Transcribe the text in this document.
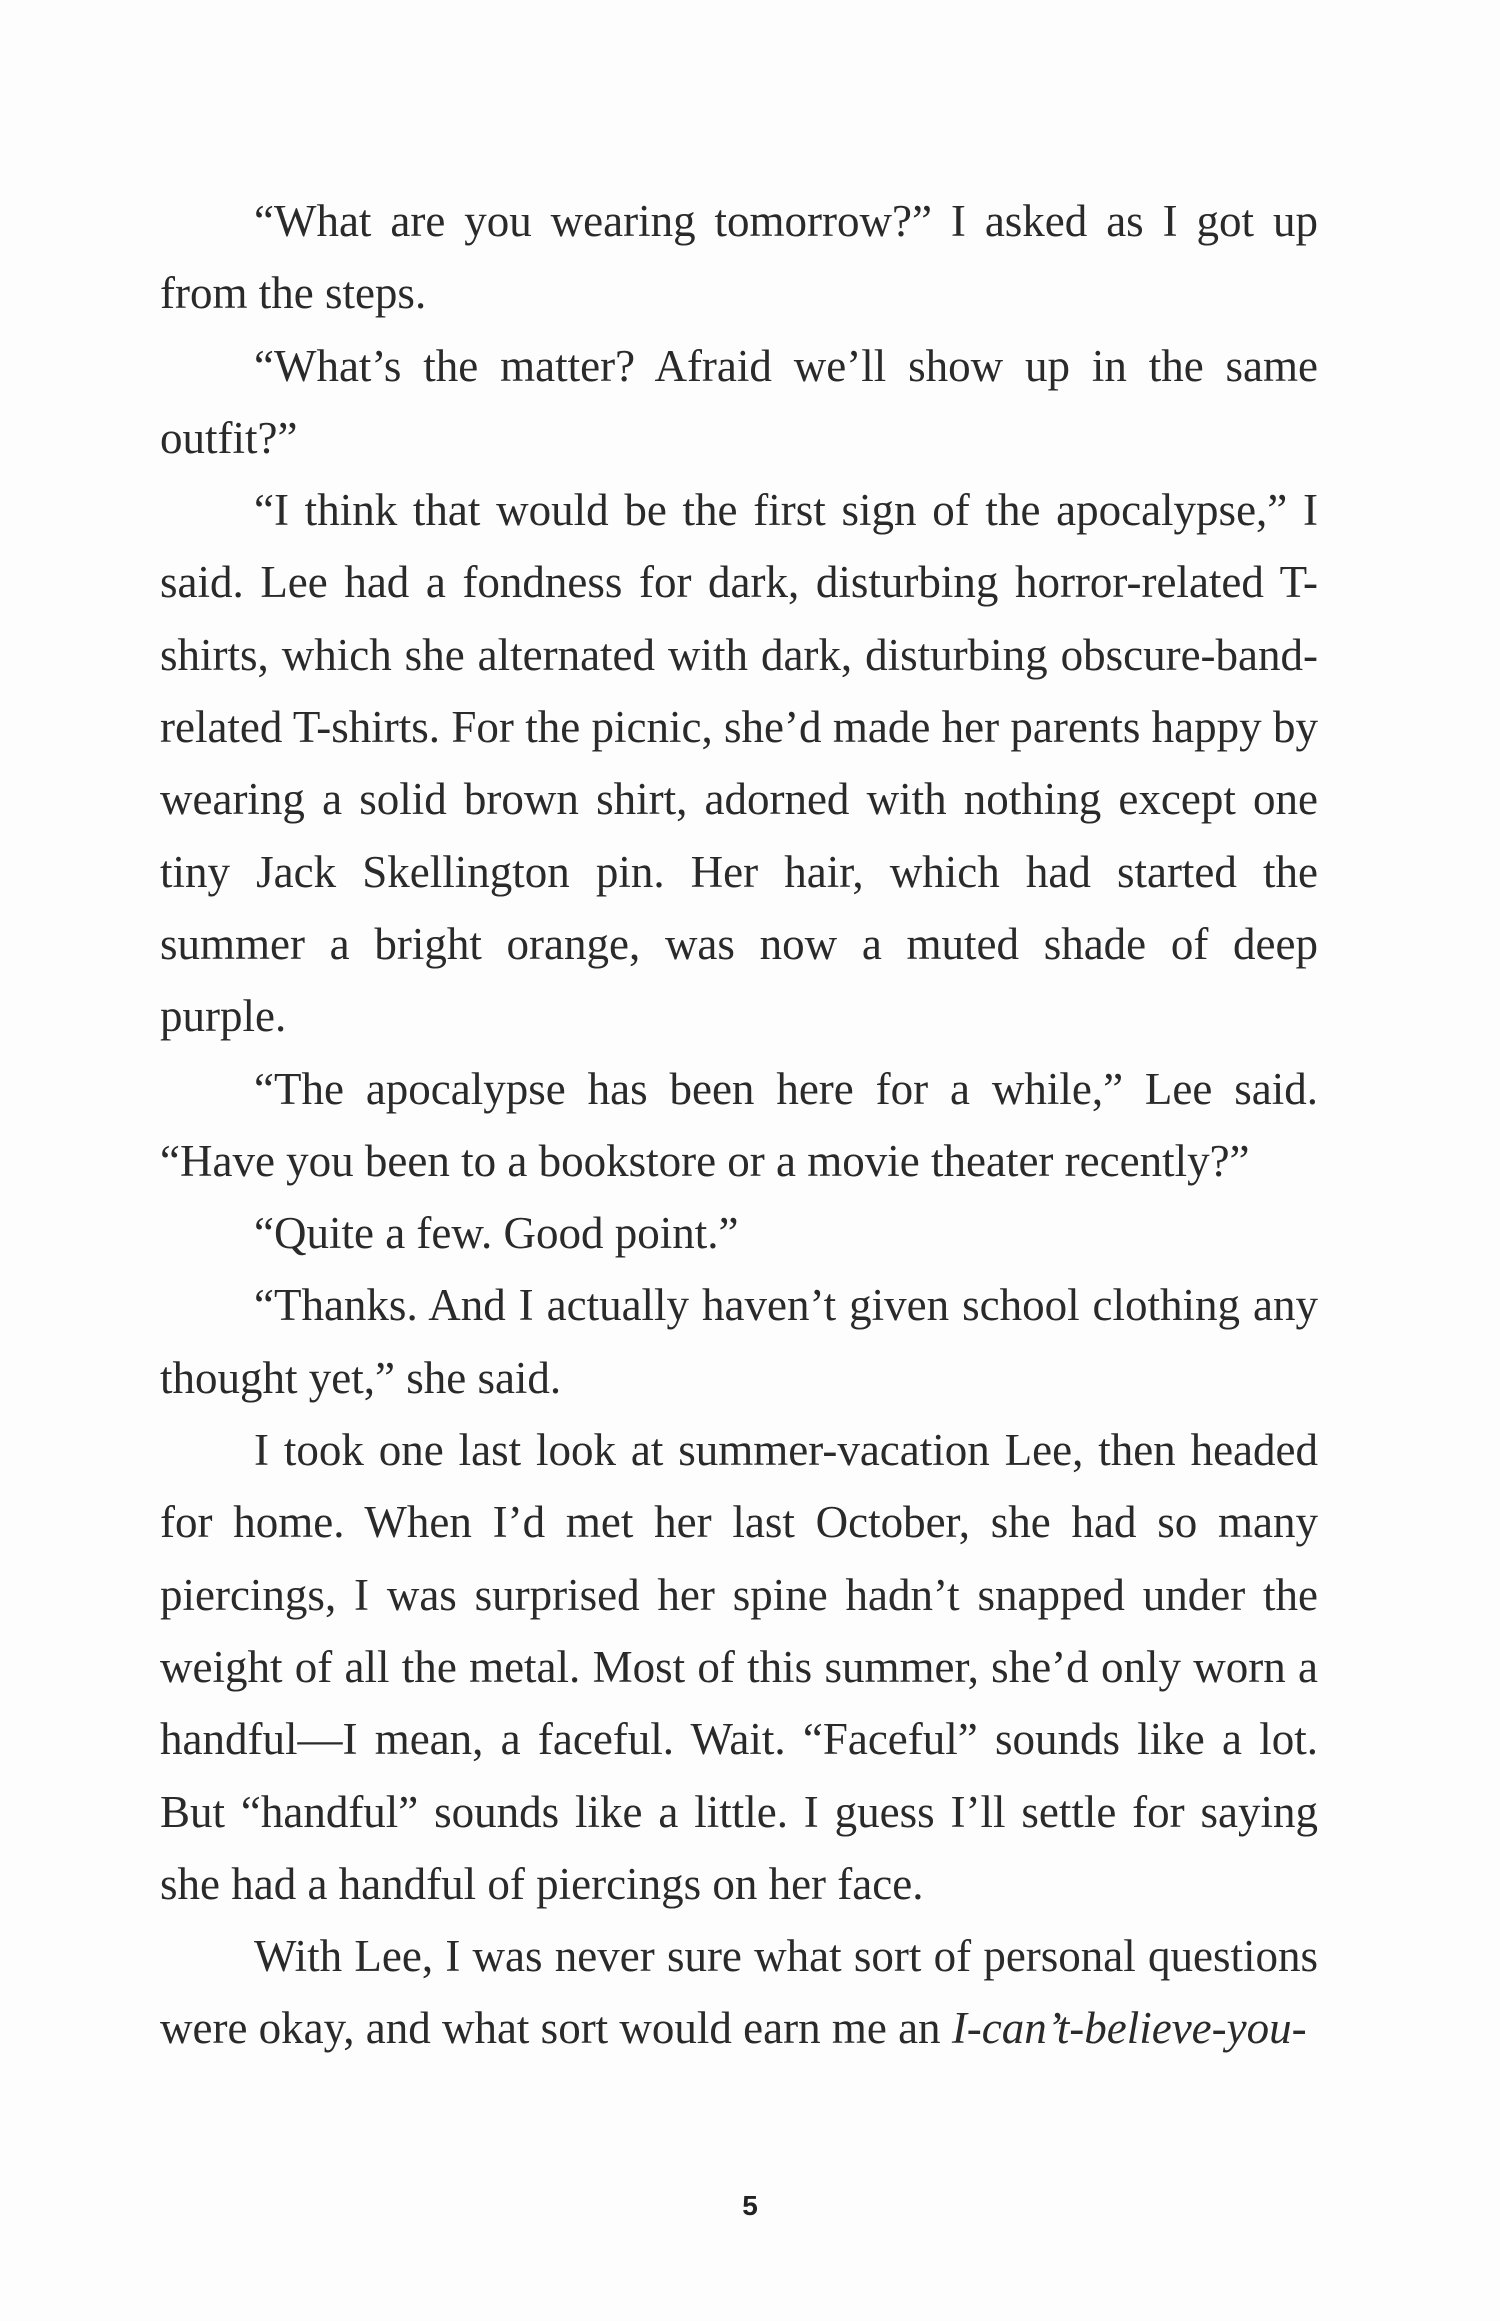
“What are you wearing tomorrow?” I asked as I got up from the steps.

“What’s the matter? Afraid we’ll show up in the same outfit?”

“I think that would be the first sign of the apocalypse,” I said. Lee had a fondness for dark, disturbing horror-related T-shirts, which she alternated with dark, disturbing obscure-band-related T-shirts. For the picnic, she’d made her parents happy by wearing a solid brown shirt, adorned with nothing except one tiny Jack Skellington pin. Her hair, which had started the summer a bright orange, was now a muted shade of deep purple.

“The apocalypse has been here for a while,” Lee said. “Have you been to a bookstore or a movie theater recently?”

“Quite a few. Good point.”

“Thanks. And I actually haven’t given school clothing any thought yet,” she said.

I took one last look at summer-vacation Lee, then headed for home. When I’d met her last October, she had so many piercings, I was surprised her spine hadn’t snapped under the weight of all the metal. Most of this summer, she’d only worn a handful—I mean, a faceful. Wait. “Faceful” sounds like a lot. But “handful” sounds like a little. I guess I’ll settle for saying she had a handful of piercings on her face.

With Lee, I was never sure what sort of personal questions were okay, and what sort would earn me an I-can’t-believe-you-

5
